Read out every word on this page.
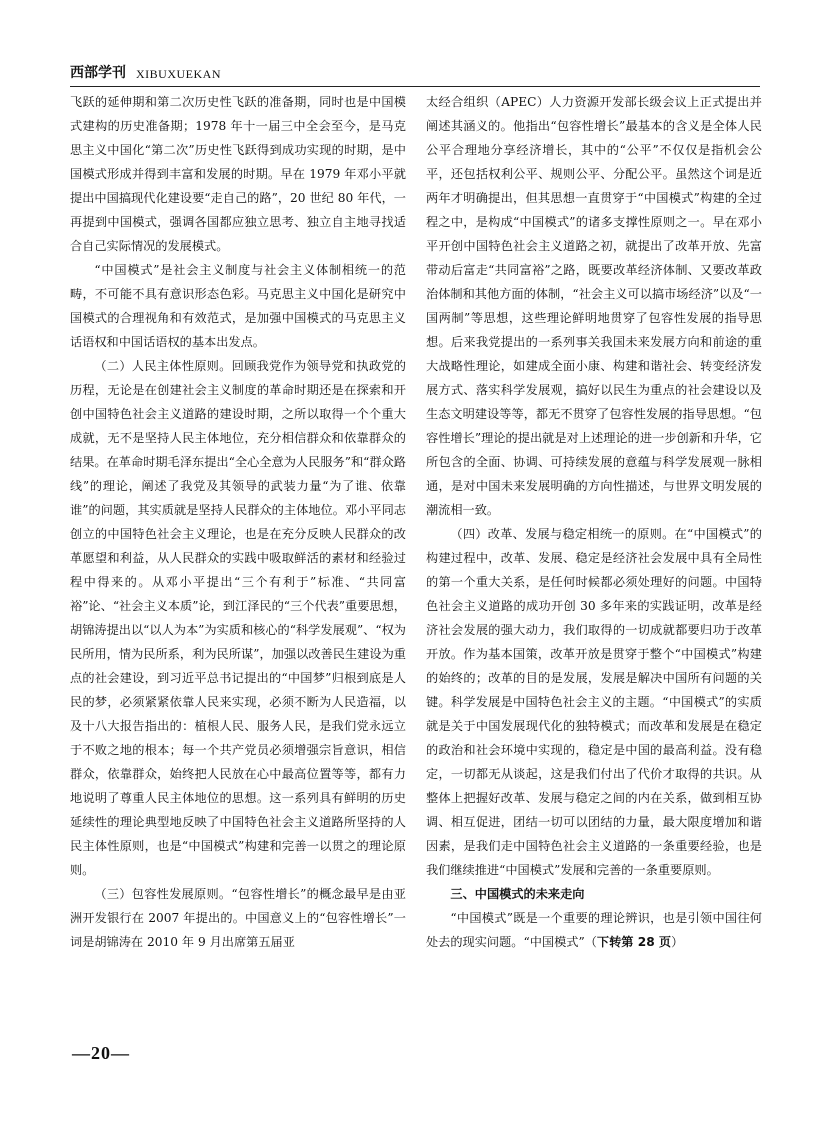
西部学刊 XIBUXUEKAN

飞跃的延伸期和第二次历史性飞跃的准备期，同时也是中国模式建构的历史准备期；1978 年十一届三中全会至今，是马克思主义中国化“第二次”历史性飞跃得到成功实现的时期，是中国模式形成并得到丰富和发展的时期。早在 1979 年邓小平就提出中国搞现代化建设要“走自己的路”，20 世纪 80 年代，一再提到中国模式，强调各国都应独立思考、独立自主地寻找适合自己实际情况的发展模式。

“中国模式”是社会主义制度与社会主义体制相统一的范畴，不可能不具有意识形态色彩。马克思主义中国化是研究中国模式的合理视角和有效范式，是加强中国模式的马克思主义话语权和中国话语权的基本出发点。

（二）人民主体性原则。回顾我党作为领导党和执政党的历程，无论是在创建社会主义制度的革命时期还是在探索和开创中国特色社会主义道路的建设时期，之所以取得一个个重大成就，无不是坚持人民主体地位，充分相信群众和依靠群众的结果。在革命时期毛泽东提出“全心全意为人民服务”和“群众路线”的理论，阐述了我党及其领导的武装力量“为了谁、依靠谁”的问题，其实质就是坚持人民群众的主体地位。邓小平同志创立的中国特色社会主义理论，也是在充分反映人民群众的改革愿望和利益，从人民群众的实践中吸取鲜活的素材和经验过程中得来的。从邓小平提出“三个有利于”标准、“共同富裕”论、“社会主义本质”论，到江泽民的“三个代表”重要思想，胡锦涛提出以“以人为本”为实质和核心的“科学发展观”、“权为民所用，情为民所系，利为民所谋”，加强以改善民生建设为重点的社会建设，到习近平总书记提出的“中国梦”归根到底是人民的梦，必须紧紧依靠人民来实现，必须不断为人民造福，以及十八大报告指出的：植根人民、服务人民，是我们党永远立于不败之地的根本；每一个共产党员必须增强宗旨意识，相信群众，依靠群众，始终把人民放在心中最高位置等等，都有力地说明了尊重人民主体地位的思想。这一系列具有鲜明的历史延续性的理论典型地反映了中国特色社会主义道路所坚持的人民主体性原则，也是“中国模式”构建和完善一以贯之的理论原则。

（三）包容性发展原则。“包容性增长”的概念最早是由亚洲开发银行在 2007 年提出的。中国意义上的“包容性增长”一词是胡锦涛在 2010 年 9 月出席第五届亚

太经合组织（APEC）人力资源开发部长级会议上正式提出并阐述其涵义的。他指出“包容性增长”最基本的含义是全体人民公平合理地分享经济增长，其中的“公平”不仅仅是指机会公平，还包括权利公平、规则公平、分配公平。虽然这个词是近两年才明确提出，但其思想一直贯穿于“中国模式”构建的全过程之中，是构成“中国模式”的诸多支撑性原则之一。早在邓小平开创中国特色社会主义道路之初，就提出了改革开放、先富带动后富走“共同富裕”之路，既要改革经济体制、又要改革政治体制和其他方面的体制，“社会主义可以搞市场经济”以及“一国两制”等思想，这些理论鲜明地贯穿了包容性发展的指导思想。后来我党提出的一系列事关我国未来发展方向和前途的重大战略性理论，如建成全面小康、构建和谐社会、转变经济发展方式、落实科学发展观，搞好以民生为重点的社会建设以及生态文明建设等等，都无不贯穿了包容性发展的指导思想。“包容性增长”理论的提出就是对上述理论的进一步创新和升华，它所包含的全面、协调、可持续发展的意蕴与科学发展观一脉相通，是对中国未来发展明确的方向性描述，与世界文明发展的潮流相一致。

（四）改革、发展与稳定相统一的原则。在“中国模式”的构建过程中，改革、发展、稳定是经济社会发展中具有全局性的第一个重大关系，是任何时候都必须处理好的问题。中国特色社会主义道路的成功开创 30 多年来的实践证明，改革是经济社会发展的强大动力，我们取得的一切成就都要归功于改革开放。作为基本国策，改革开放是贯穿于整个“中国模式”构建的始终的；改革的目的是发展，发展是解决中国所有问题的关键。科学发展是中国特色社会主义的主题。“中国模式”的实质就是关于中国发展现代化的独特模式；而改革和发展是在稳定的政治和社会环境中实现的，稳定是中国的最高利益。没有稳定，一切都无从谈起，这是我们付出了代价才取得的共识。从整体上把握好改革、发展与稳定之间的内在关系，做到相互协调、相互促进，团结一切可以团结的力量，最大限度增加和谐因素，是我们走中国特色社会主义道路的一条重要经验，也是我们继续推进“中国模式”发展和完善的一条重要原则。

三、中国模式的未来走向

“中国模式”既是一个重要的理论辨识，也是引领中国往何处去的现实问题。“中国模式”（下转第 28 页）

—20—
